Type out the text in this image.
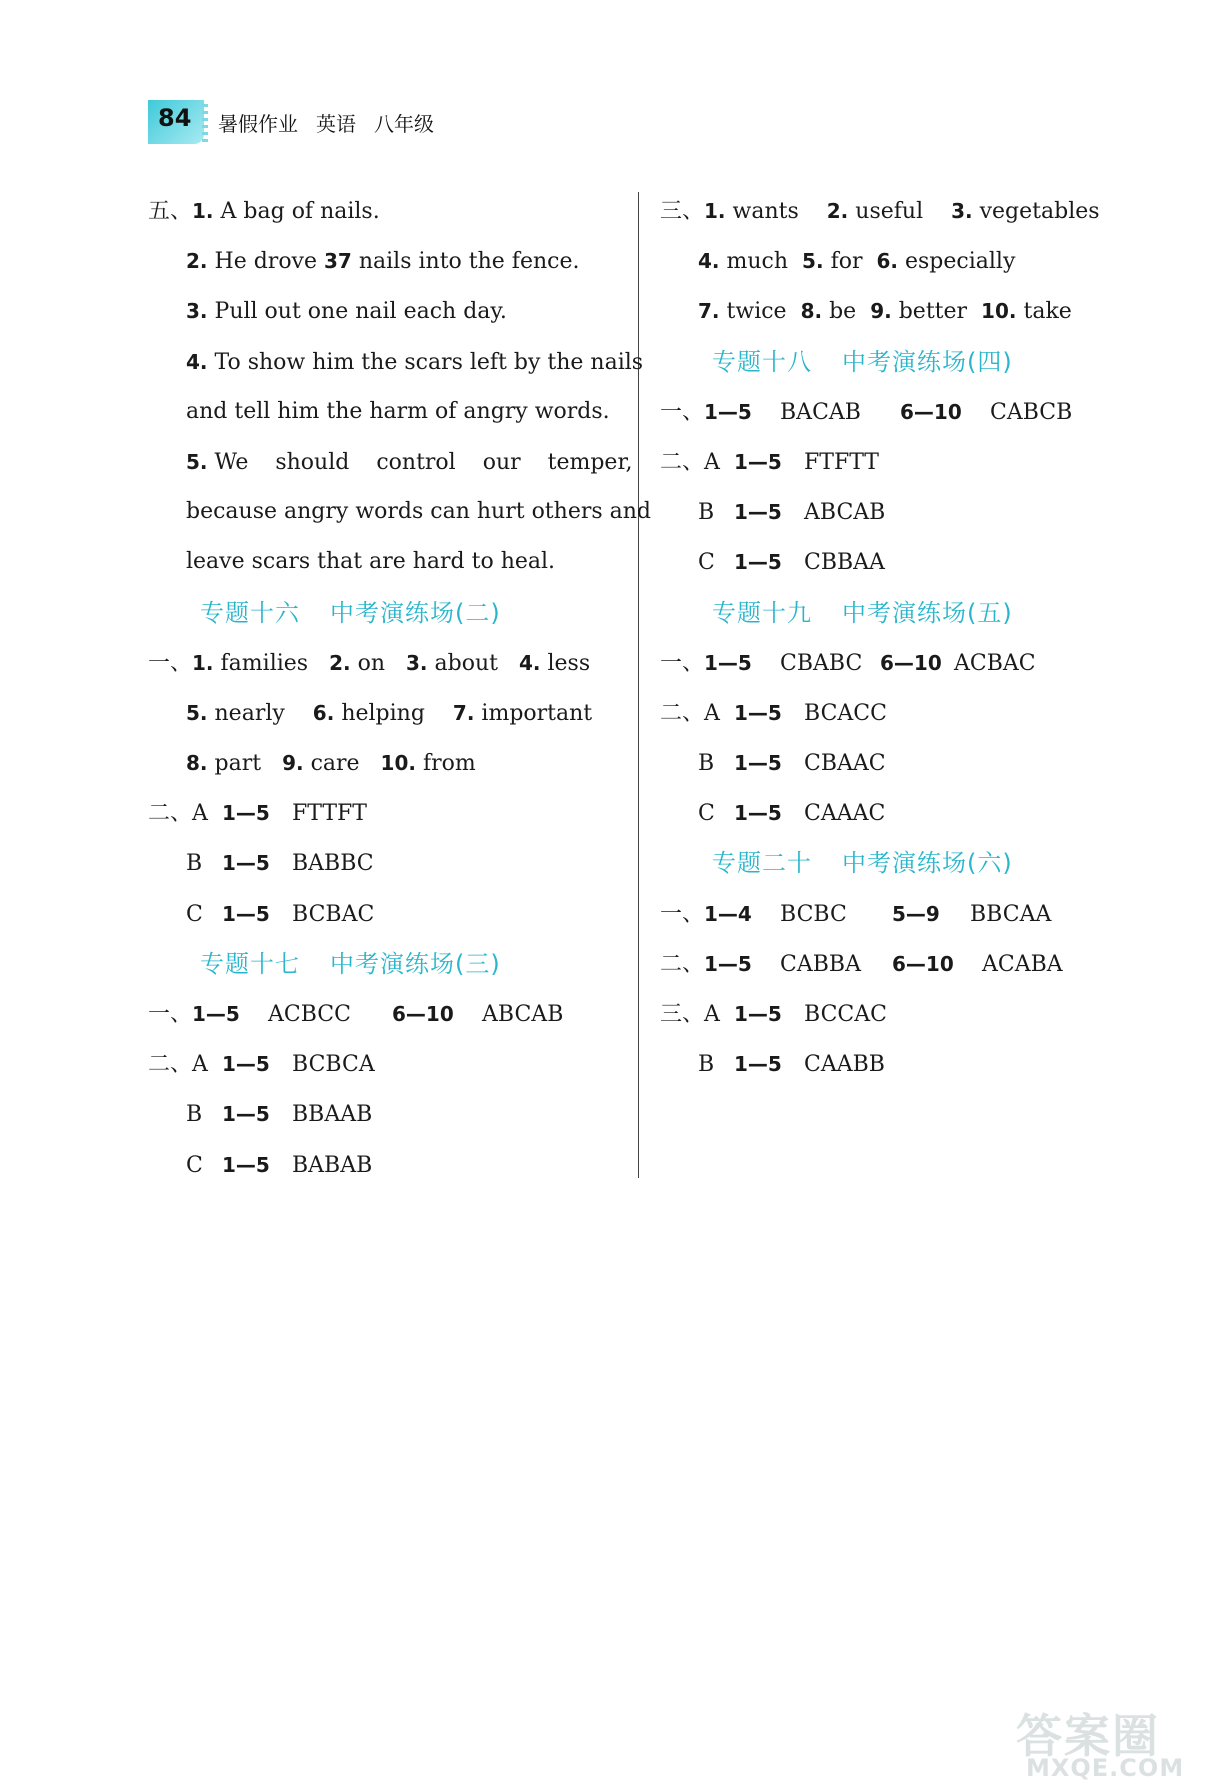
84 暑假作业 英语 八年级
五、1. A bag of nails.
2. He drove 37 nails into the fence.
3. Pull out one nail each day.
4. To show him the scars left by the nails
and tell him the harm of angry words.
5. We should control our temper,
because angry words can hurt others and
leave scars that are hard to heal.
专题十六 中考演练场(二)
一、1. families 2. on 3. about 4. less
5. nearly 6. helping 7. important
8. part 9. care 10. from
二、A 1—5 FTTFT
B 1—5 BABBC
C 1—5 BCBAC
专题十七 中考演练场(三)
一、1—5 ACBCC 6—10 ABCAB
二、A 1—5 BCBCA
B 1—5 BBAAB
C 1—5 BABAB
三、1. wants 2. useful 3. vegetables
4. much 5. for 6. especially
7. twice 8. be 9. better 10. take
专题十八 中考演练场(四)
一、1—5 BACAB 6—10 CABCB
二、A 1—5 FTFTT
B 1—5 ABCAB
C 1—5 CBBAA
专题十九 中考演练场(五)
一、1—5 CBABC 6—10 ACBAC
二、A 1—5 BCACC
B 1—5 CBAAC
C 1—5 CAAAC
专题二十 中考演练场(六)
一、1—4 BCBC 5—9 BBCAA
二、1—5 CABBA 6—10 ACABA
三、A 1—5 BCCAC
B 1—5 CAABB
答案圈
MXQE.COM
